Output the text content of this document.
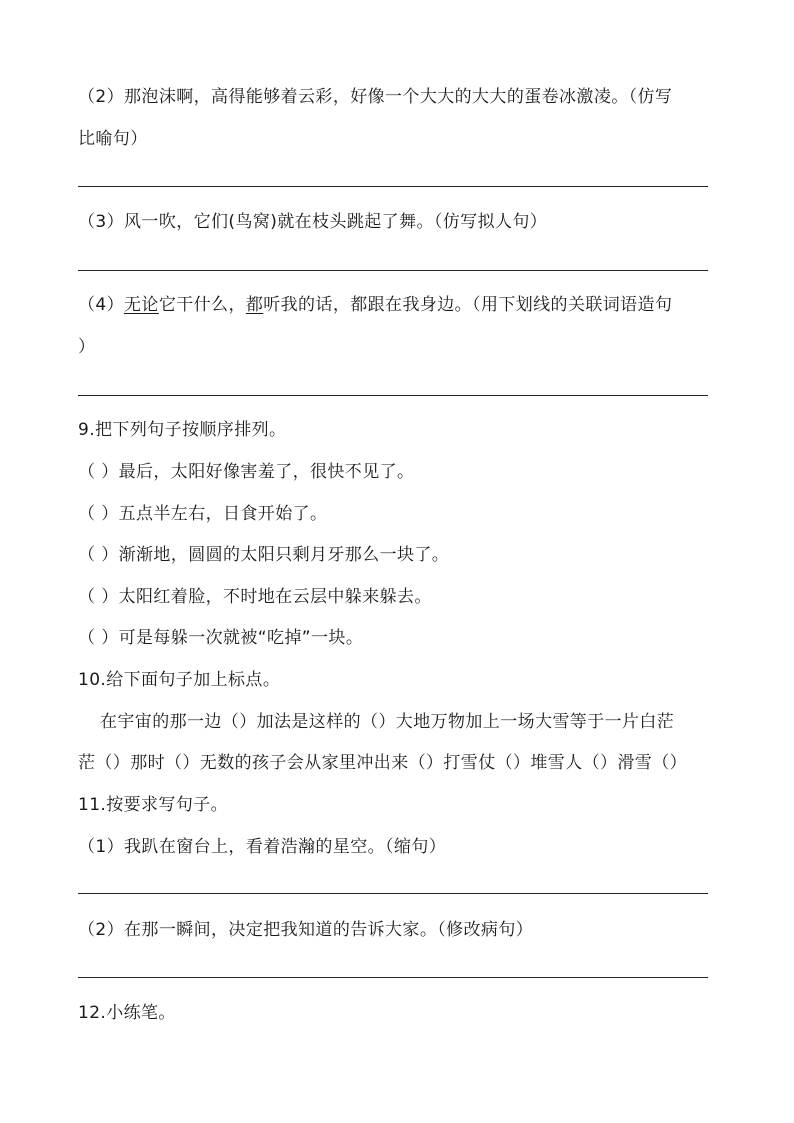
（2）那泡沫啊，高得能够着云彩，好像一个大大的大大的蛋卷冰激凌。（仿写
比喻句）
（3）风一吹，它们(鸟窝)就在枝头跳起了舞。（仿写拟人句）
（4）无论它干什么，都听我的话，都跟在我身边。（用下划线的关联词语造句
）
9.把下列句子按顺序排列。
（ ）最后，太阳好像害羞了，很快不见了。
（ ）五点半左右，日食开始了。
（ ）渐渐地，圆圆的太阳只剩月牙那么一块了。
（ ）太阳红着脸，不时地在云层中躲来躲去。
（ ）可是每躲一次就被“吃掉”一块。
10.给下面句子加上标点。
在宇宙的那一边（）加法是这样的（）大地万物加上一场大雪等于一片白茫
茫（）那时（）无数的孩子会从家里冲出来（）打雪仗（）堆雪人（）滑雪（）
11.按要求写句子。
（1）我趴在窗台上，看着浩瀚的星空。（缩句）
（2）在那一瞬间，决定把我知道的告诉大家。（修改病句）
12.小练笔。
